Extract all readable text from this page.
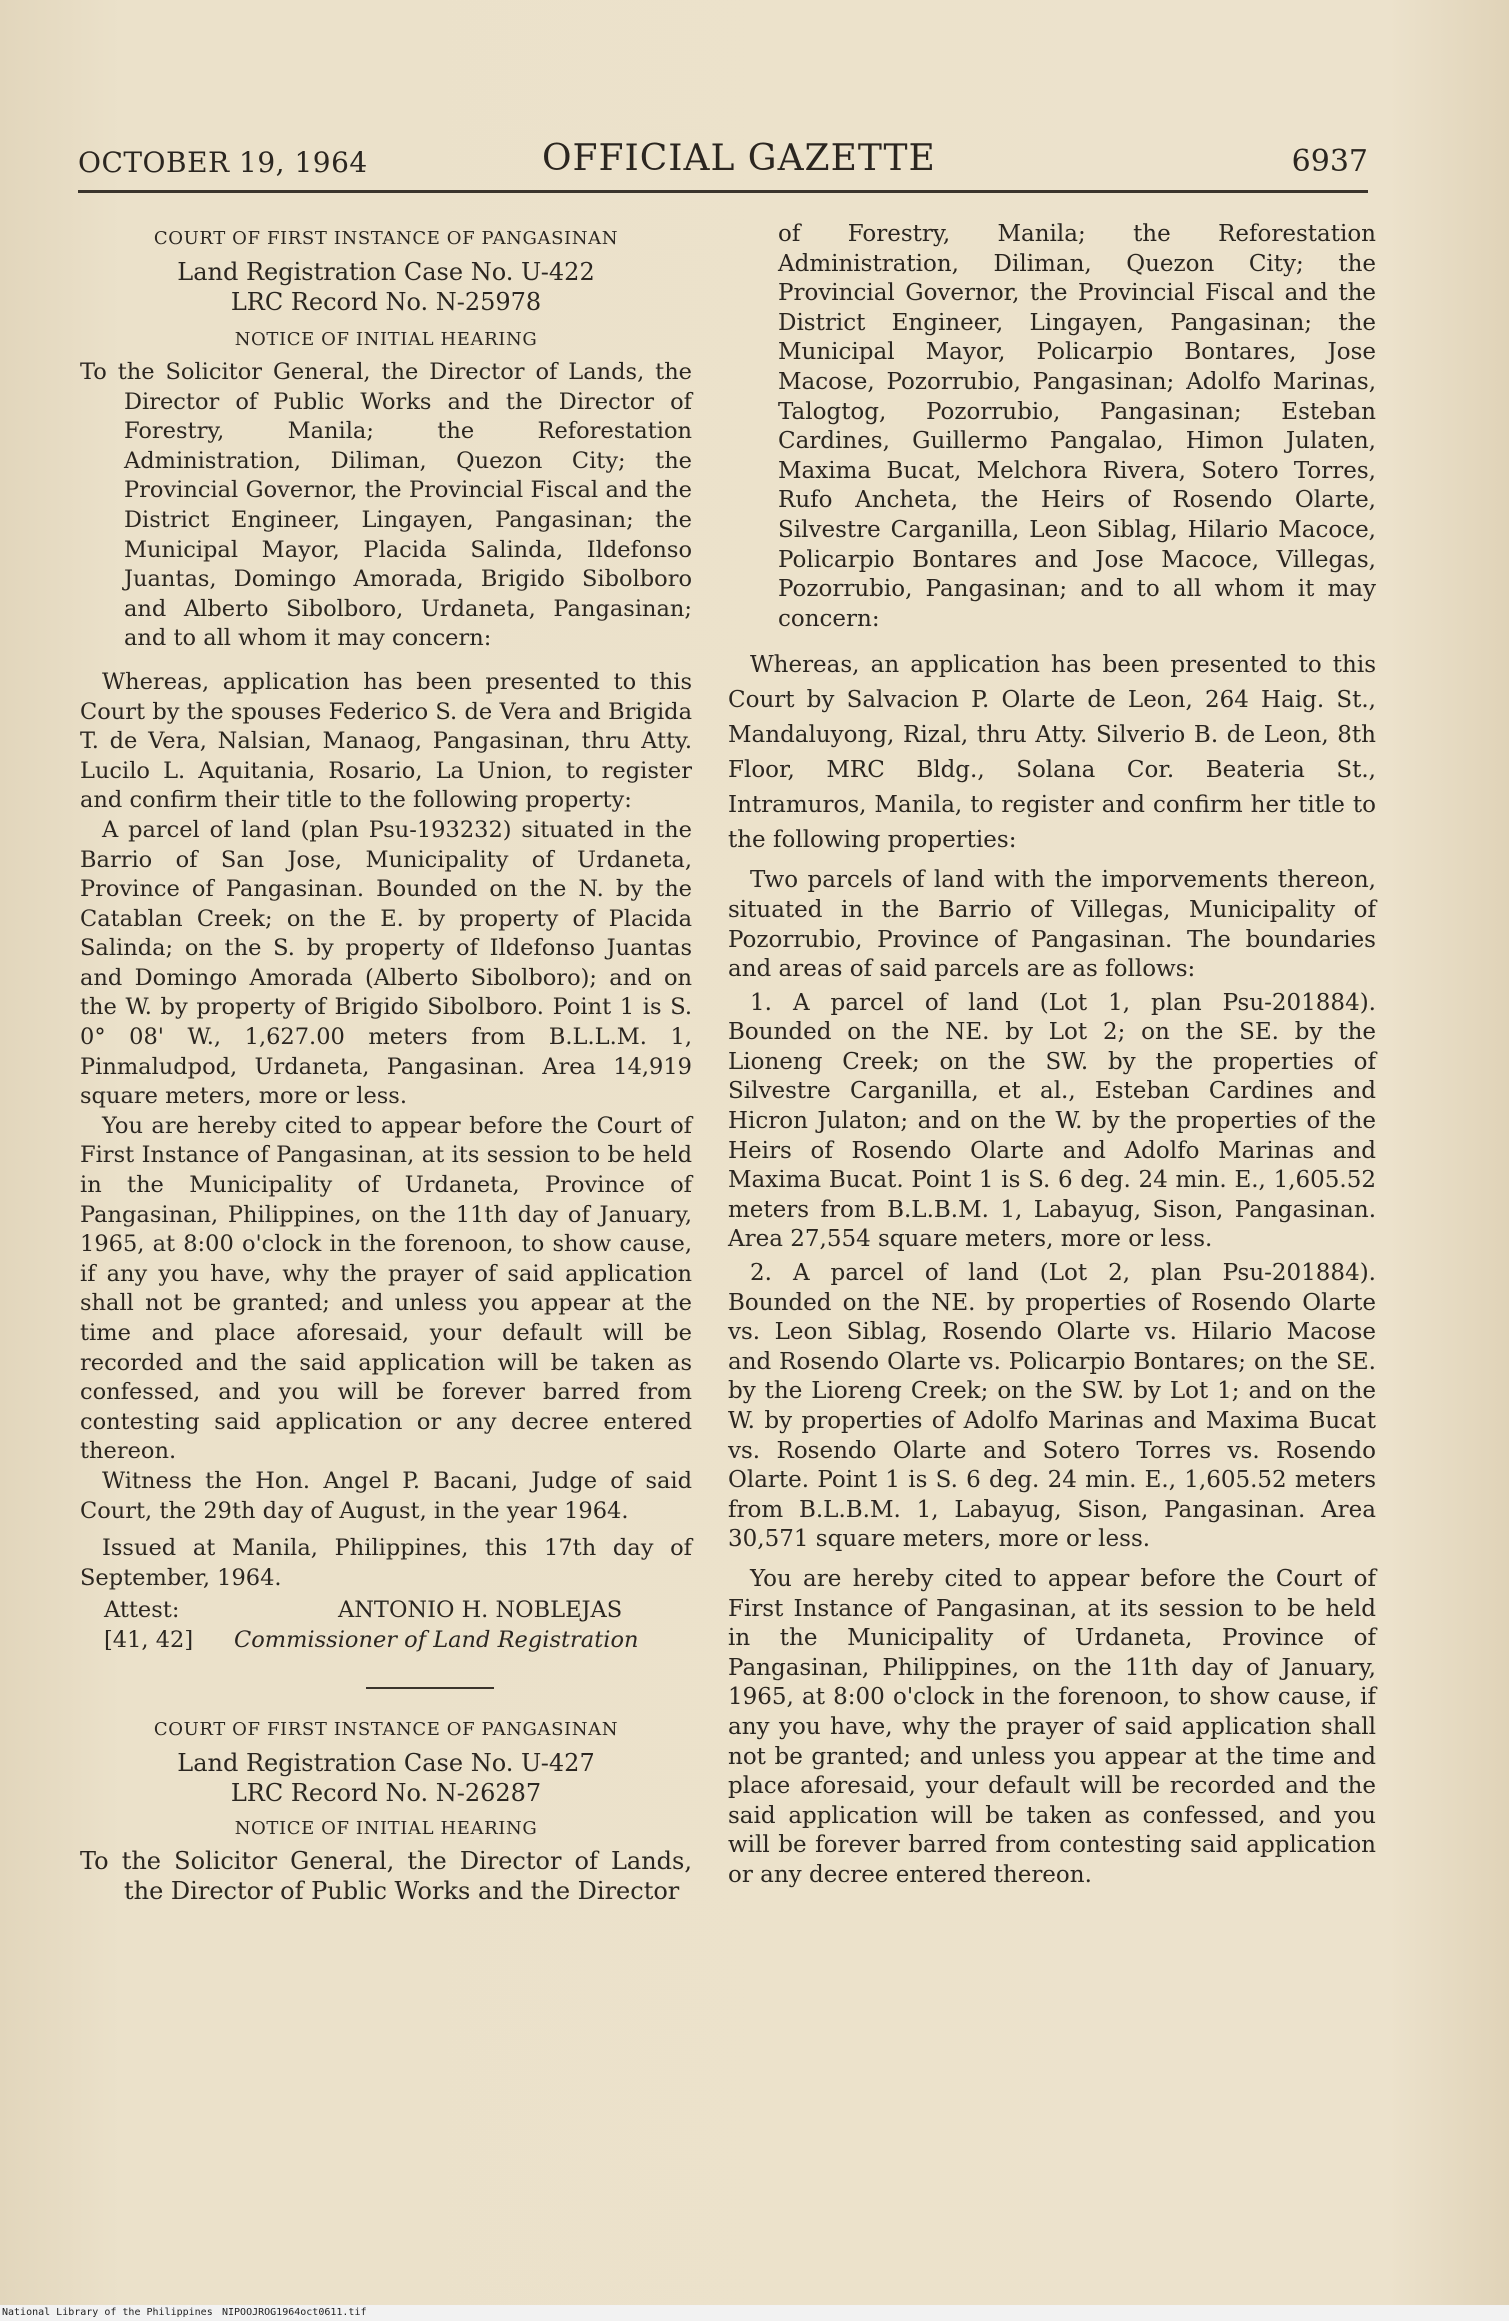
OCTOBER 19, 1964	OFFICIAL GAZETTE	6937
COURT OF FIRST INSTANCE OF PANGASINAN
Land Registration Case No. U-422
LRC Record No. N-25978
NOTICE OF INITIAL HEARING

To the Solicitor General, the Director of Lands, the Director of Public Works and the Director of Forestry, Manila; the Reforestation Administration, Diliman, Quezon City; the Provincial Governor, the Provincial Fiscal and the District Engineer, Lingayen, Pangasinan; the Municipal Mayor, Placida Salinda, Ildefonso Juantas, Domingo Amorada, Brigido Sibolboro and Alberto Sibolboro, Urdaneta, Pangasinan; and to all whom it may concern:

Whereas, application has been presented to this Court by the spouses Federico S. de Vera and Brigida T. de Vera, Nalsian, Manaog, Pangasinan, thru Atty. Lucilo L. Aquitania, Rosario, La Union, to register and confirm their title to the following property:

A parcel of land (plan Psu-193232) situated in the Barrio of San Jose, Municipality of Urdaneta, Province of Pangasinan. Bounded on the N. by the Catablan Creek; on the E. by property of Placida Salinda; on the S. by property of Ildefonso Juantas and Domingo Amorada (Alberto Sibolboro); and on the W. by property of Brigido Sibolboro. Point 1 is S. 0° 08' W., 1,627.00 meters from B.L.L.M. 1, Pinmaludpod, Urdaneta, Pangasinan. Area 14,919 square meters, more or less.

You are hereby cited to appear before the Court of First Instance of Pangasinan, at its session to be held in the Municipality of Urdaneta, Province of Pangasinan, Philippines, on the 11th day of January, 1965, at 8:00 o'clock in the forenoon, to show cause, if any you have, why the prayer of said application shall not be granted; and unless you appear at the time and place aforesaid, your default will be recorded and the said application will be taken as confessed, and you will be forever barred from contesting said application or any decree entered thereon.

Witness the Hon. Angel P. Bacani, Judge of said Court, the 29th day of August, in the year 1964.

Issued at Manila, Philippines, this 17th day of September, 1964.

Attest:	ANTONIO H. NOBLEJAS
[41, 42] Commissioner of Land Registration
COURT OF FIRST INSTANCE OF PANGASINAN
Land Registration Case No. U-427
LRC Record No. N-26287
NOTICE OF INITIAL HEARING

To the Solicitor General, the Director of Lands, the Director of Public Works and the Director

of Forestry, Manila; the Reforestation Administration, Diliman, Quezon City; the Provincial Governor, the Provincial Fiscal and the District Engineer, Lingayen, Pangasinan; the Municipal Mayor, Policarpio Bontares, Jose Macose, Pozorrubio, Pangasinan; Adolfo Marinas, Talogtog, Pozorrubio, Pangasinan; Esteban Cardines, Guillermo Pangalao, Himon Julaten, Maxima Bucat, Melchora Rivera, Sotero Torres, Rufo Ancheta, the Heirs of Rosendo Olarte, Silvestre Carganilla, Leon Siblag, Hilario Macoce, Policarpio Bontares and Jose Macoce, Villegas, Pozorrubio, Pangasinan; and to all whom it may concern:

Whereas, an application has been presented to this Court by Salvacion P. Olarte de Leon, 264 Haig. St., Mandaluyong, Rizal, thru Atty. Silverio B. de Leon, 8th Floor, MRC Bldg., Solana Cor. Beateria St., Intramuros, Manila, to register and confirm her title to the following properties:

Two parcels of land with the imporvements thereon, situated in the Barrio of Villegas, Municipality of Pozorrubio, Province of Pangasinan. The boundaries and areas of said parcels are as follows:

1. A parcel of land (Lot 1, plan Psu-201884). Bounded on the NE. by Lot 2; on the SE. by the Lioneng Creek; on the SW. by the properties of Silvestre Carganilla, et al., Esteban Cardines and Hicron Julaton; and on the W. by the properties of the Heirs of Rosendo Olarte and Adolfo Marinas and Maxima Bucat. Point 1 is S. 6 deg. 24 min. E., 1,605.52 meters from B.L.B.M. 1, Labayug, Sison, Pangasinan. Area 27,554 square meters, more or less.

2. A parcel of land (Lot 2, plan Psu-201884). Bounded on the NE. by properties of Rosendo Olarte vs. Leon Siblag, Rosendo Olarte vs. Hilario Macose and Rosendo Olarte vs. Policarpio Bontares; on the SE. by the Lioreng Creek; on the SW. by Lot 1; and on the W. by properties of Adolfo Marinas and Maxima Bucat vs. Rosendo Olarte and Sotero Torres vs. Rosendo Olarte. Point 1 is S. 6 deg. 24 min. E., 1,605.52 meters from B.L.B.M. 1, Labayug, Sison, Pangasinan. Area 30,571 square meters, more or less.

You are hereby cited to appear before the Court of First Instance of Pangasinan, at its session to be held in the Municipality of Urdaneta, Province of Pangasinan, Philippines, on the 11th day of January, 1965, at 8:00 o'clock in the forenoon, to show cause, if any you have, why the prayer of said application shall not be granted; and unless you appear at the time and place aforesaid, your default will be recorded and the said application will be taken as confessed, and you will be forever barred from contesting said application or any decree entered thereon.

National Library of the Philippines NIPOOJROG1964oct0611.tif
